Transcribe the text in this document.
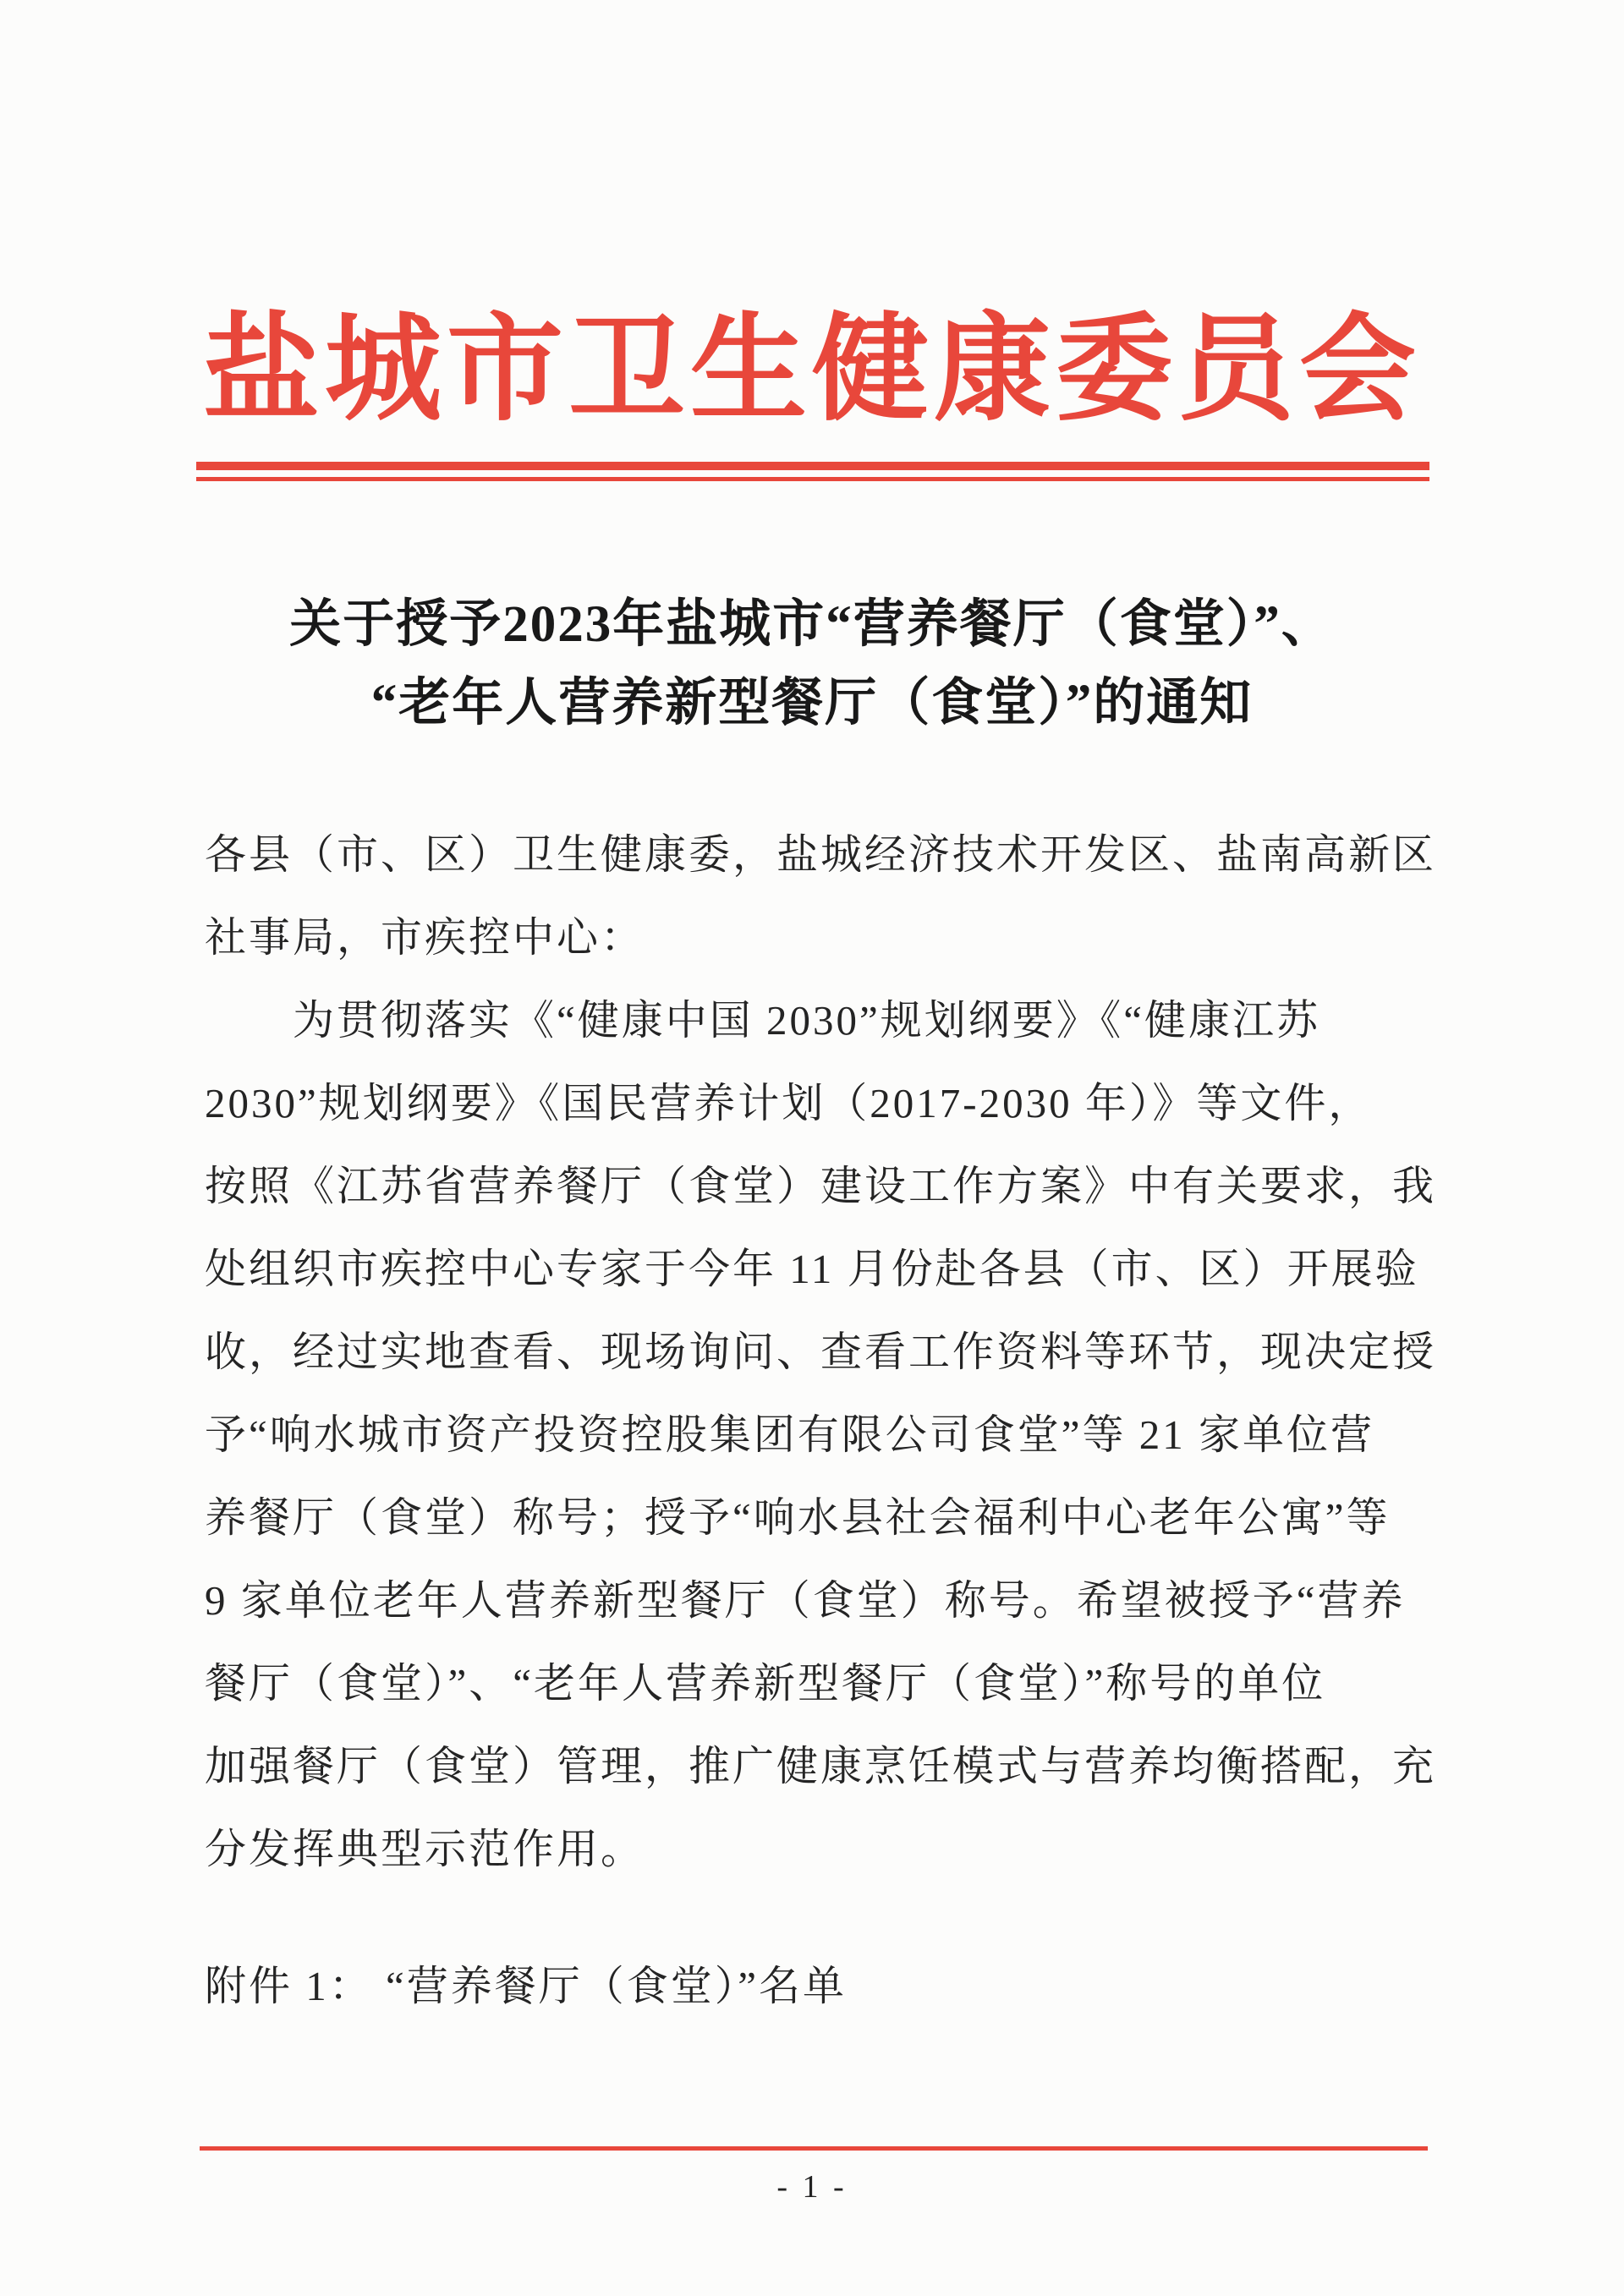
盐城市卫生健康委员会
关于授予2023年盐城市“营养餐厅（食堂）”、
“老年人营养新型餐厅（食堂）”的通知
各县（市、区）卫生健康委，盐城经济技术开发区、盐南高新区
社事局，市疾控中心：
为贯彻落实《“健康中国 2030”规划纲要》《“健康江苏
2030”规划纲要》《国民营养计划（2017-2030 年）》等文件，
按照《江苏省营养餐厅（食堂）建设工作方案》中有关要求，我
处组织市疾控中心专家于今年 11 月份赴各县（市、区）开展验
收，经过实地查看、现场询问、查看工作资料等环节，现决定授
予“响水城市资产投资控股集团有限公司食堂”等 21 家单位营
养餐厅（食堂）称号；授予“响水县社会福利中心老年公寓”等
9 家单位老年人营养新型餐厅（食堂）称号。希望被授予“营养
餐厅（食堂）”、“老年人营养新型餐厅（食堂）”称号的单位
加强餐厅（食堂）管理，推广健康烹饪模式与营养均衡搭配，充
分发挥典型示范作用。
附件 1： “营养餐厅（食堂）”名单
- 1 -
